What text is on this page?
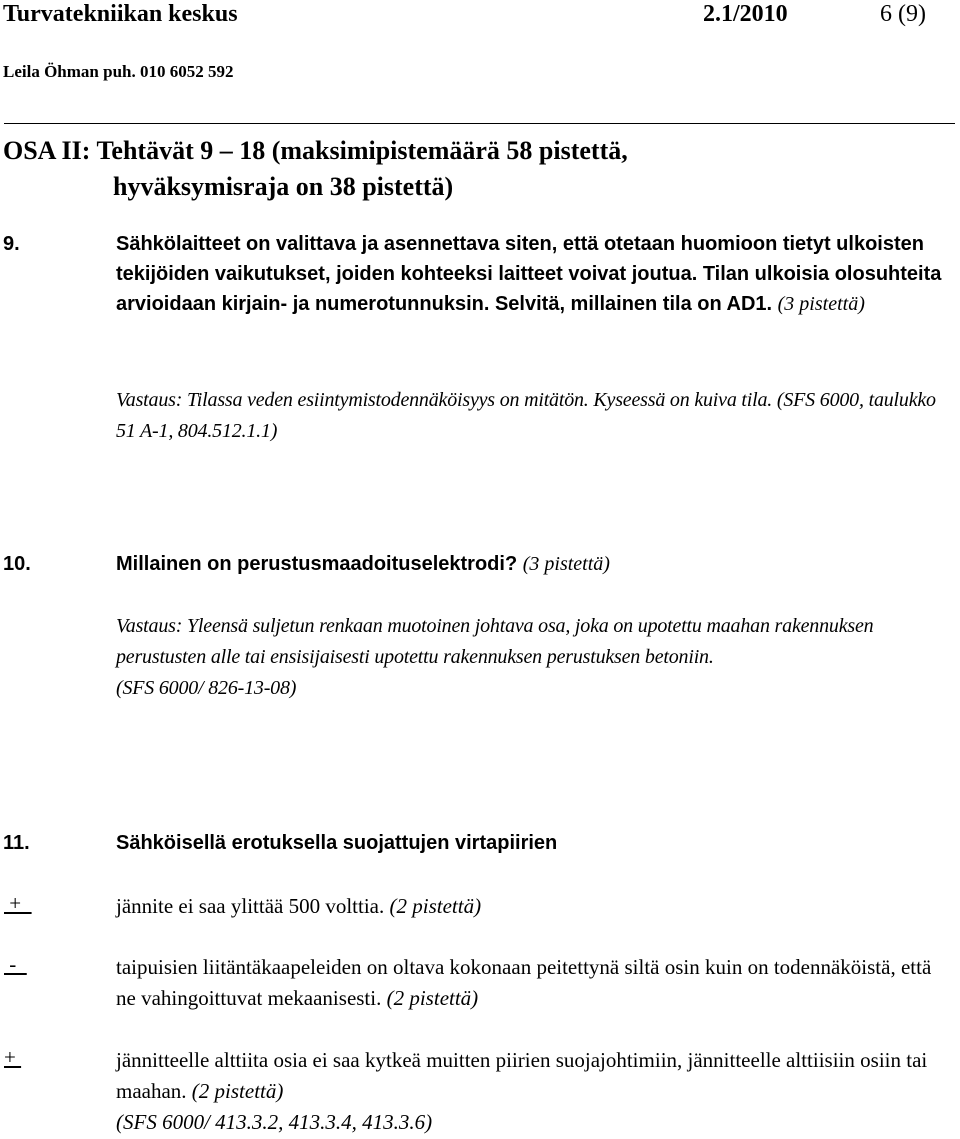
Turvatekniikan keskus	2.1/2010	6 (9)
Leila Öhman puh. 010 6052 592
OSA II: Tehtävät 9 – 18 (maksimipistemäärä 58 pistettä,
hyväksymisraja on 38 pistettä)
9.	Sähkölaitteet on valittava ja asennettava siten, että otetaan huomioon tietyt ulkoisten tekijöiden vaikutukset, joiden kohteeksi laitteet voivat joutua. Tilan ulkoisia olosuhteita arvioidaan kirjain- ja numerotunnuksin. Selvitä, millainen tila on AD1. (3 pistettä)
Vastaus: Tilassa veden esiintymistodennäköisyys on mitätön. Kyseessä on kuiva tila. (SFS 6000, taulukko 51 A-1, 804.512.1.1)
10.	Millainen on perustusmaadoituselektrodi? (3 pistettä)
Vastaus: Yleensä suljetun renkaan muotoinen johtava osa, joka on upotettu maahan rakennuksen perustusten alle tai ensisijaisesti upotettu rakennuksen perustuksen betoniin.
(SFS 6000/ 826-13-08)
11.	Sähköisellä erotuksella suojattujen virtapiirien
+	jännite ei saa ylittää 500 volttia. (2 pistettä)
-	taipuisien liitäntäkaapeleiden on oltava kokonaan peitettynä siltä osin kuin on todennäköistä, että ne vahingoittuvat mekaanisesti. (2 pistettä)
+	jännitteelle alttiita osia ei saa kytkeä muitten piirien suojajohtimiin, jännitteelle alttiisiin osiin tai maahan. (2 pistettä)
(SFS 6000/ 413.3.2, 413.3.4, 413.3.6)
